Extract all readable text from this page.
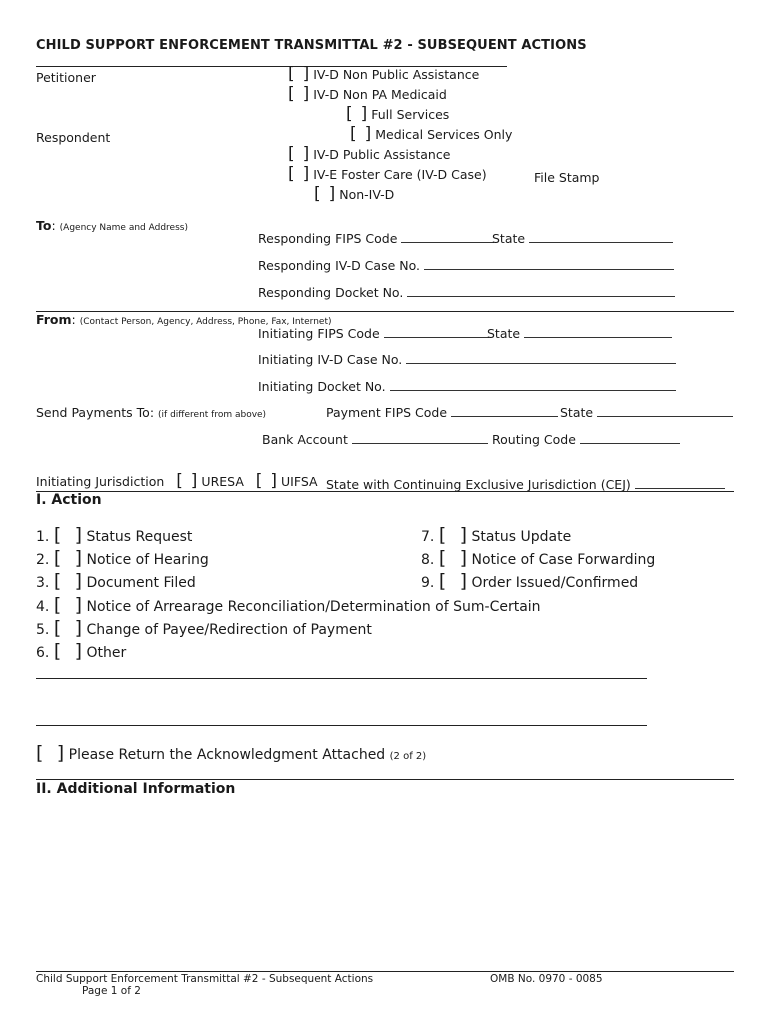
CHILD SUPPORT ENFORCEMENT TRANSMITTAL #2 - SUBSEQUENT ACTIONS
Petitioner
Respondent
[ ] IV-D Non Public Assistance
[ ] IV-D Non PA Medicaid
[ ] Full Services
[ ] Medical Services Only
[ ] IV-D Public Assistance
[ ] IV-E Foster Care (IV-D Case)	File Stamp
[ ] Non-IV-D
To: (Agency Name and Address)
Responding FIPS Code	State
Responding IV-D Case No.
Responding Docket No.
From: (Contact Person, Agency, Address, Phone, Fax, Internet)
Initiating FIPS Code	State
Initiating IV-D Case No.
Initiating Docket No.
Send Payments To: (if different from above)	Payment FIPS Code	State
Bank Account	Routing Code
Initiating Jurisdiction [ ] URESA [ ] UIFSA State with Continuing Exclusive Jurisdiction (CEJ)
I. Action
1. [ ] Status Request
2. [ ] Notice of Hearing
3. [ ] Document Filed
4. [ ] Notice of Arrearage Reconciliation/Determination of Sum-Certain
5. [ ] Change of Payee/Redirection of Payment
6. [ ] Other
7. [ ] Status Update
8. [ ] Notice of Case Forwarding
9. [ ] Order Issued/Confirmed
[ ] Please Return the Acknowledgment Attached (2 of 2)
II. Additional Information
Child Support Enforcement Transmittal #2 - Subsequent Actions	OMB No. 0970 - 0085
Page 1 of 2
